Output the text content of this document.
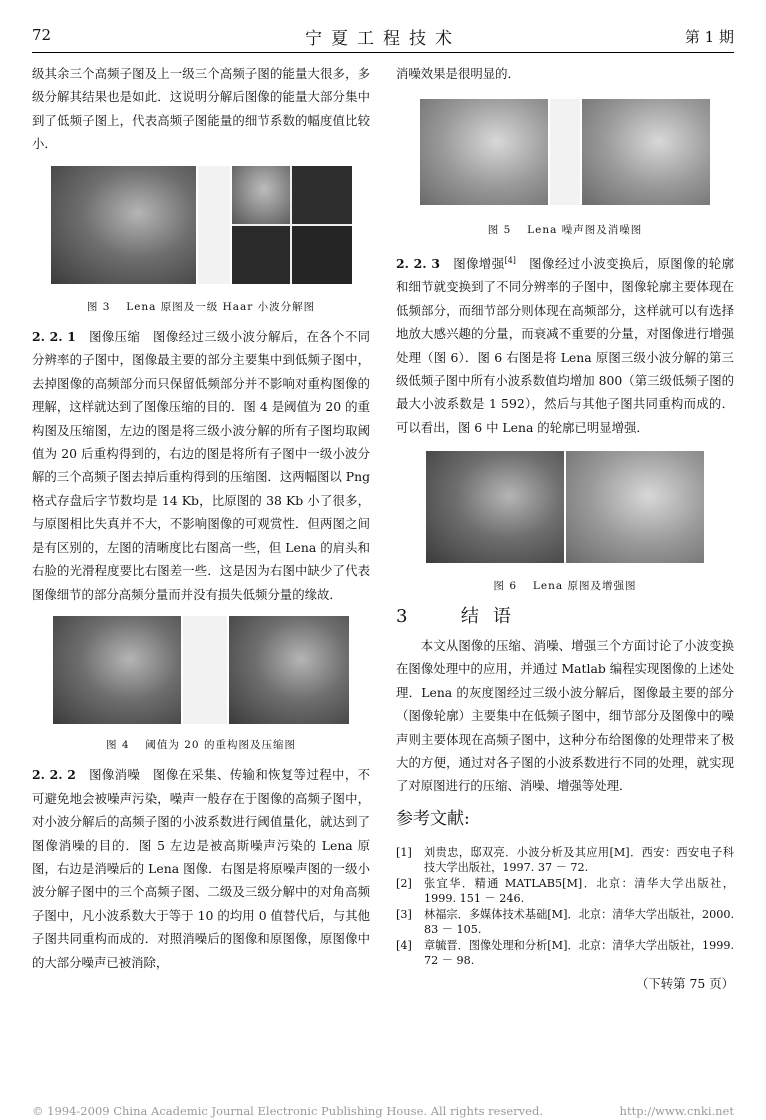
72	宁夏工程技术	第 1 期

级其余三个高频子图及上一级三个高频子图的能量大很多，多级分解其结果也是如此．这说明分解后图像的能量大部分集中到了低频子图上，代表高频子图能量的细节系数的幅度值比较小．

图 3　 Lena 原图及一级 Haar 小波分解图

2. 2. 1　图像压缩　图像经过三级小波分解后，在各个不同分辨率的子图中，图像最主要的部分主要集中到低频子图中，去掉图像的高频部分而只保留低频部分并不影响对重构图像的理解，这样就达到了图像压缩的目的．图 4 是阈值为 20 的重构图及压缩图，左边的图是将三级小波分解的所有子图均取阈值为 20 后重构得到的，右边的图是将所有子图中一级小波分解的三个高频子图去掉后重构得到的压缩图．这两幅图以 Png 格式存盘后字节数均是 14 Kb，比原图的 38 Kb 小了很多，与原图相比失真并不大，不影响图像的可观赏性．但两图之间是有区别的，左图的清晰度比右图高一些，但 Lena 的肩头和右脸的光滑程度要比右图差一些．这是因为右图中缺少了代表图像细节的部分高频分量而并没有损失低频分量的缘故．

图 4　 阈值为 20 的重构图及压缩图

2. 2. 2　图像消噪　图像在采集、传输和恢复等过程中，不可避免地会被噪声污染，噪声一般存在于图像的高频子图中，对小波分解后的高频子图的小波系数进行阈值量化，就达到了图像消噪的目的．图 5 左边是被高斯噪声污染的 Lena 原图，右边是消噪后的 Lena 图像．右图是将原噪声图的一级小波分解子图中的三个高频子图、二级及三级分解中的对角高频子图中，凡小波系数大于等于 10 的均用 0 值替代后，与其他子图共同重构而成的．对照消噪后的图像和原图像，原图像中的大部分噪声已被消除，

消噪效果是很明显的．

图 5　 Lena 噪声图及消噪图

2. 2. 3　图像增强[4]　图像经过小波变换后，原图像的轮廓和细节就变换到了不同分辨率的子图中，图像轮廓主要体现在低频部分，而细节部分则体现在高频部分，这样就可以有选择地放大感兴趣的分量，而衰减不重要的分量，对图像进行增强处理（图 6）．图 6 右图是将 Lena 原图三级小波分解的第三级低频子图中所有小波系数值均增加 800（第三级低频子图的最大小波系数是 1 592），然后与其他子图共同重构而成的．可以看出，图 6 中 Lena 的轮廓已明显增强．

图 6　 Lena 原图及增强图
3 结语

本文从图像的压缩、消噪、增强三个方面讨论了小波变换在图像处理中的应用，并通过 Matlab 编程实现图像的上述处理．Lena 的灰度图经过三级小波分解后，图像最主要的部分（图像轮廓）主要集中在低频子图中，细节部分及图像中的噪声则主要体现在高频子图中，这种分布给图像的处理带来了极大的方便，通过对各子图的小波系数进行不同的处理，就实现了对原图进行的压缩、消噪、增强等处理．

参考文献:
[1]	刘贵忠，邸双亮．小波分析及其应用[M]．西安：西安电子科技大学出版社，1997. 37 － 72.
[2]	张宜华．精通 MATLAB5[M]．北京：清华大学出版社，1999. 151 － 246.
[3]	林福宗．多媒体技术基础[M]．北京：清华大学出版社，2000. 83 － 105.
[4]	章毓晋．图像处理和分析[M]．北京：清华大学出版社，1999. 72 － 98.
（下转第 75 页）
© 1994-2009 China Academic Journal Electronic Publishing House. All rights reserved.	http://www.cnki.net
